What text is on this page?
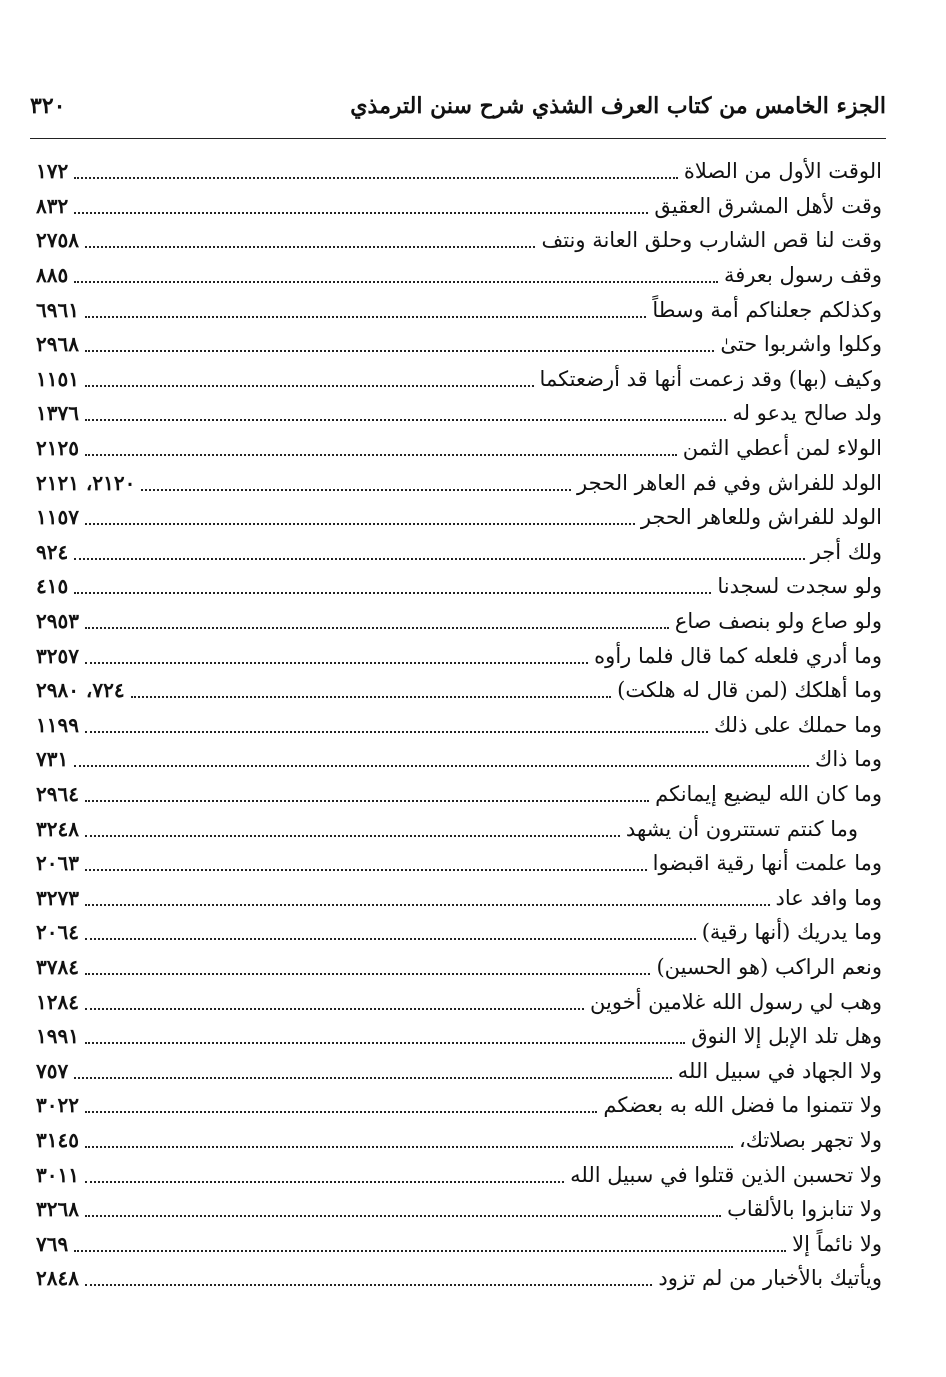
الجزء الخامس من كتاب العرف الشذي شرح سنن الترمذي
٣٢٠
الوقت الأول من الصلاة
١٧٢
وقت لأهل المشرق العقيق
٨٣٢
وقت لنا قص الشارب وحلق العانة ونتف
٢٧٥٨
وقف رسول بعرفة
٨٨٥
وكذلكم جعلناكم أمة وسطاً
٦٩٦١
وكلوا واشربوا حتىٰ
٢٩٦٨
وكيف (بها) وقد زعمت أنها قد أرضعتكما
١١٥١
ولد صالح يدعو له
١٣٧٦
الولاء لمن أعطي الثمن
٢١٢٥
الولد للفراش وفي فم العاهر الحجر
٢١٢٠، ٢١٢١
الولد للفراش وللعاهر الحجر
١١٥٧
ولك أجر
٩٢٤
ولو سجدت لسجدنا
٤١٥
ولو صاع ولو بنصف صاع
٢٩٥٣
وما أدري فلعله كما قال فلما رأوه
٣٢٥٧
وما أهلكك (لمن قال له هلكت)
٧٢٤، ٢٩٨٠
وما حملك على ذلك
١١٩٩
وما ذاك
٧٣١
وما كان الله ليضيع إيمانكم
٢٩٦٤
وما كنتم تستترون أن يشهد
٣٢٤٨
وما علمت أنها رقية اقبضوا
٢٠٦٣
وما وافد عاد
٣٢٧٣
وما يدريك (أنها رقية)
٢٠٦٤
ونعم الراكب (هو الحسين)
٣٧٨٤
وهب لي رسول الله غلامين أخوين
١٢٨٤
وهل تلد الإبل إلا النوق
١٩٩١
ولا الجهاد في سبيل الله
٧٥٧
ولا تتمنوا ما فضل الله به بعضكم
٣٠٢٢
ولا تجهر بصلاتك،
٣١٤٥
ولا تحسبن الذين قتلوا في سبيل الله
٣٠١١
ولا تنابزوا بالألقاب
٣٢٦٨
ولا نائماً إلا
٧٦٩
ويأتيك بالأخبار من لم تزود
٢٨٤٨
